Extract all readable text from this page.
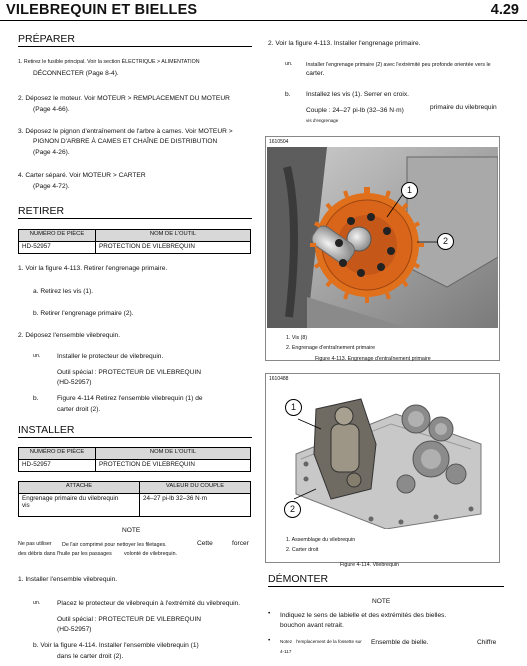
VILEBREQUIN ET BIELLES	4.29
PRÉPARER
1. Retirez le fusible principal. Voir la section ÉLECTRIQUE > ALIMENTATION
DÉCONNECTER (Page 8-4).
2. Déposez le moteur. Voir MOTEUR > REMPLACEMENT DU MOTEUR
(Page 4-66).
3. Déposez le pignon d'entraînement de l'arbre à cames. Voir MOTEUR >
PIGNON D'ARBRE À CAMES ET CHAÎNE DE DISTRIBUTION
(Page 4-26).
4. Carter séparé. Voir MOTEUR > CARTER
(Page 4-72).
RETIRER
NUMÉRO DE PIÈCE	NOM DE L'OUTIL
HD-52957	PROTECTION DE VILEBREQUIN
1. Voir la figure 4-113. Retirer l'engrenage primaire.
a. Retirez les vis (1).
b. Retirer l'engrenage primaire (2).
2. Déposez l'ensemble vilebrequin.
un.	Installer le protecteur de vilebrequin.
Outil spécial : PROTECTEUR DE VILEBREQUIN
(HD-52957)
b.	Figure 4-114 Retirez l'ensemble vilebrequin (1) de
carter droit (2).
INSTALLER
NUMÉRO DE PIÈCE	NOM DE L'OUTIL
HD-52957	PROTECTION DE VILEBREQUIN
ATTACHE	VALEUR DU COUPLE
Engrenage primaire du vilebrequin
vis	24–27 pi-lb 32–36 N·m
NOTE
Ne pas utiliser De l'air comprimé pour nettoyer les filetages.	Cette	forcer
des débris dans l'huile par les passages volonté de vilebrequin.
1. Installer l'ensemble vilebrequin.
un.	Placez le protecteur de vilebrequin à l'extrémité du vilebrequin.
Outil spécial : PROTECTEUR DE VILEBREQUIN
(HD-52957)
b. Voir la figure 4-114. Installer l'ensemble vilebrequin (1)
dans le carter droit (2).
2. Voir la figure 4-113. Installer l'engrenage primaire.
un.	Installer l'engrenage primaire (2) avec l'extrémité peu profonde orientée vers le
carter.
b. Installez les vis (1). Serrer en croix.
Couple : 24–27 pi-lb (32–36 N·m)	primaire du vilebrequin
vis d'engrenage
1610504
1
2
1. Vis (8)
2. Engrenage d'entraînement primaire
Figure 4-113. Engrenage d'entraînement primaire
1610488
1
2
1. Assemblage du vilebrequin
2. Carter droit
Figure 4-114. Vilebrequin
DÉMONTER
NOTE
• Indiquez le sens de la bielle et des extrémités des bielles.
bouchon avant retrait.
• Notez l'emplacement de la fossette sur Ensemble de bielle.	Chiffre
4-117
